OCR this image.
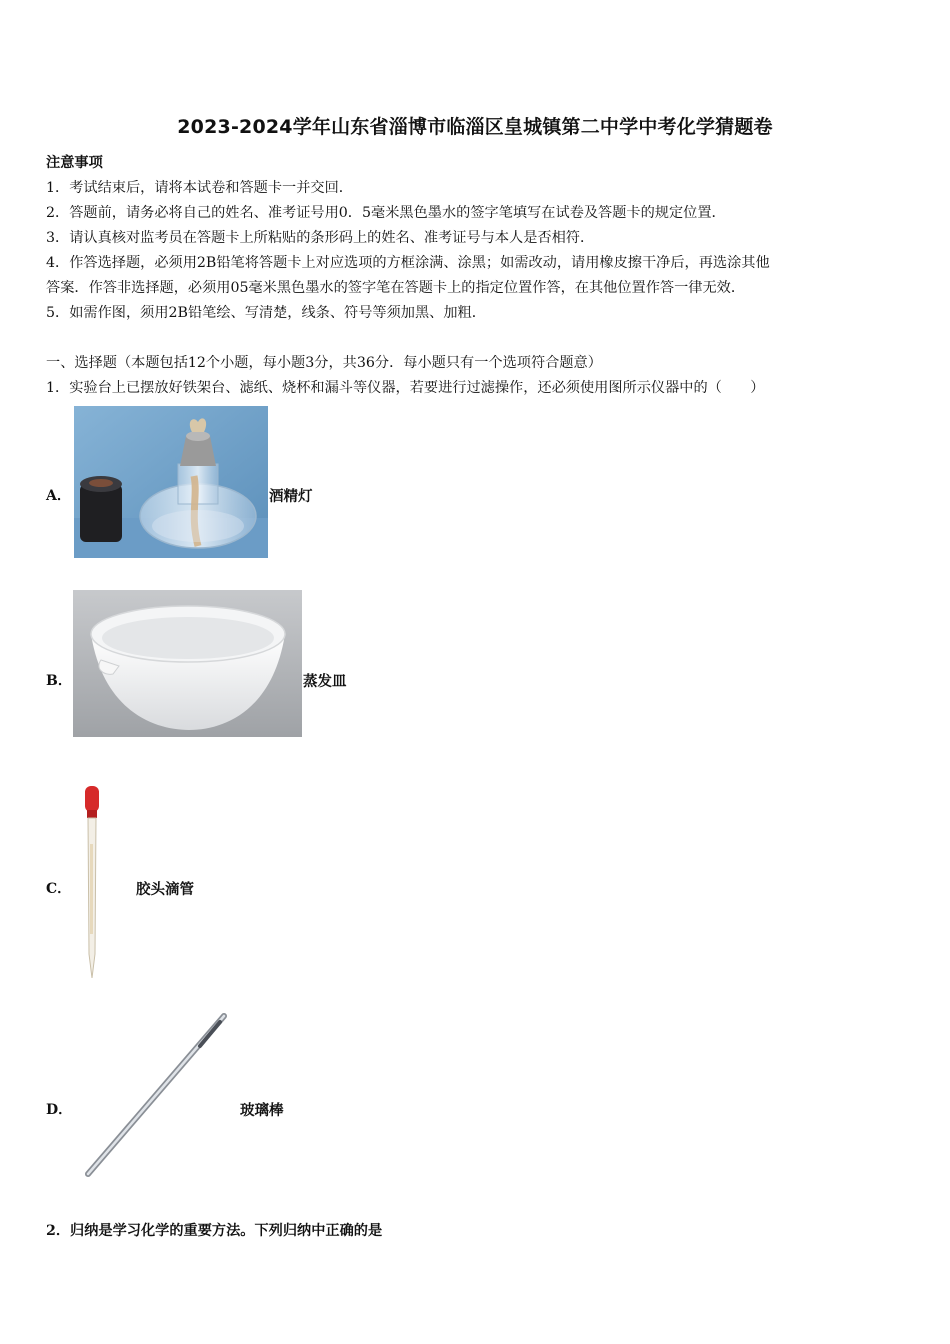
2023-2024学年山东省淄博市临淄区皇城镇第二中学中考化学猜题卷
注意事项
1．考试结束后，请将本试卷和答题卡一并交回．
2．答题前，请务必将自己的姓名、准考证号用0．5毫米黑色墨水的签字笔填写在试卷及答题卡的规定位置．
3．请认真核对监考员在答题卡上所粘贴的条形码上的姓名、准考证号与本人是否相符．
4．作答选择题，必须用2B铅笔将答题卡上对应选项的方框涂满、涂黑；如需改动，请用橡皮擦干净后，再选涂其他
答案．作答非选择题，必须用05毫米黑色墨水的签字笔在答题卡上的指定位置作答，在其他位置作答一律无效．
5．如需作图，须用2B铅笔绘、写清楚，线条、符号等须加黑、加粗．
一、选择题（本题包括12个小题，每小题3分，共36分．每小题只有一个选项符合题意）
1．实验台上已摆放好铁架台、滤纸、烧杯和漏斗等仪器，若要进行过滤操作，还必须使用图所示仪器中的（　　）
A．	酒精灯
B．	蒸发皿
C．	胶头滴管
D．	玻璃棒
2．归纳是学习化学的重要方法。下列归纳中正确的是
